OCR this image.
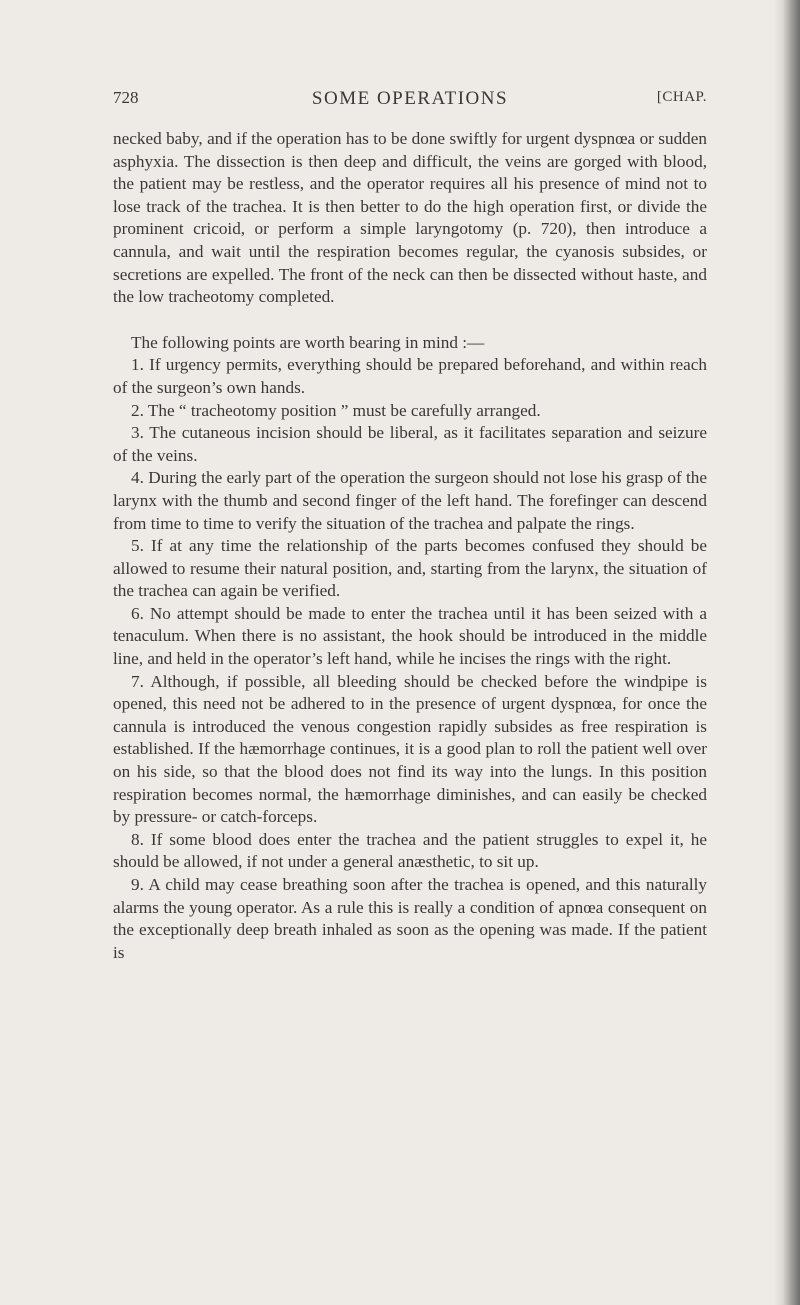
728	SOME OPERATIONS	[CHAP.

necked baby, and if the operation has to be done swiftly for urgent dyspnœa or sudden asphyxia. The dissection is then deep and difficult, the veins are gorged with blood, the patient may be restless, and the operator requires all his presence of mind not to lose track of the trachea. It is then better to do the high operation first, or divide the prominent cricoid, or perform a simple laryngotomy (p. 720), then introduce a cannula, and wait until the respiration becomes regular, the cyanosis subsides, or secretions are expelled. The front of the neck can then be dissected without haste, and the low tracheotomy completed.

The following points are worth bearing in mind :—

1. If urgency permits, everything should be prepared beforehand, and within reach of the surgeon’s own hands.

2. The “ tracheotomy position ” must be carefully arranged.

3. The cutaneous incision should be liberal, as it facilitates separation and seizure of the veins.

4. During the early part of the operation the surgeon should not lose his grasp of the larynx with the thumb and second finger of the left hand. The forefinger can descend from time to time to verify the situation of the trachea and palpate the rings.

5. If at any time the relationship of the parts becomes confused they should be allowed to resume their natural position, and, starting from the larynx, the situation of the trachea can again be verified.

6. No attempt should be made to enter the trachea until it has been seized with a tenaculum. When there is no assistant, the hook should be introduced in the middle line, and held in the operator’s left hand, while he incises the rings with the right.

7. Although, if possible, all bleeding should be checked before the windpipe is opened, this need not be adhered to in the presence of urgent dyspnœa, for once the cannula is introduced the venous congestion rapidly subsides as free respiration is established. If the hæmorrhage continues, it is a good plan to roll the patient well over on his side, so that the blood does not find its way into the lungs. In this position respiration becomes normal, the hæmorrhage diminishes, and can easily be checked by pressure- or catch-forceps.

8. If some blood does enter the trachea and the patient struggles to expel it, he should be allowed, if not under a general anæsthetic, to sit up.

9. A child may cease breathing soon after the trachea is opened, and this naturally alarms the young operator. As a rule this is really a condition of apnœa consequent on the exceptionally deep breath inhaled as soon as the opening was made. If the patient is
